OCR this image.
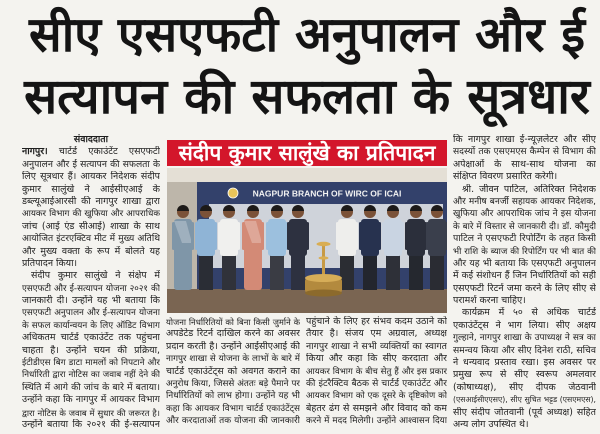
सीए एसएफटी अनुपालन और ई
सत्यापन की सफलता के सूत्रधार
संवाददाता
नागपुर। चार्टर्ड एकाउंटेंट एसएफटी
अनुपालन और ई सत्यापन की सफलता के
लिए सूत्रधार हैं। आयकर निदेशक संदीप
कुमार सालुंखे ने आईसीएआई के
डब्ल्यूआईआरसी की नागपुर शाखा द्वारा
आयकर विभाग की खुफिया और आपराधिक
जांच (आई एंड सीआई) शाखा के साथ
आयोजित इंटरएक्टिव मीट में मुख्य अतिथि
और मुख्य वक्ता के रूप में बोलते यह
प्रतिपादन किया।
संदीप कुमार सालुंखे ने संक्षेप में
एसएफटी और ई-सत्यापन योजना २०२१ की
जानकारी दी। उन्होंने यह भी बताया कि
एसएफटी अनुपालन और ई-सत्यापन योजना
के सफल कार्यान्वयन के लिए ऑडिट विभाग
अधिकतम चार्टर्ड एकाउंटेंट तक पहुंचना
चाहता है। उन्होंने चयन की प्रक्रिया,
ईटीडीएस बिग डाटा मामलों को निपटाने और
निर्धारिती द्वारा नोटिस का जवाब नहीं देने की
स्थिति में आगे की जांच के बारे में बताया।
उन्होंने कहा कि नागपुर में आयकर विभाग
द्वारा नोटिस के जवाब में सुधार की जरूरत है।
उन्होंने बताया कि २०२१ की ई-सत्यापन
संदीप कुमार सालुंखे का प्रतिपादन
NAGPUR BRANCH OF WIRC OF ICAI
योजना निर्धारितियों को बिना किसी जुर्माने के
अपडेटेड रिटर्न दाखिल करने का अवसर
प्रदान करती है। उन्होंने आईसीएआई की
नागपुर शाखा से योजना के लाभों के बारे में
चार्टर्ड एकाउंटेंट्स को अवगत कराने का
अनुरोध किया, जिससे अंततः बड़े पैमाने पर
निर्धारितियों को लाभ होगा। उन्होंने यह भी
कहा कि आयकर विभाग चार्टर्ड एकाउंटेंट्स
और करदाताओं तक योजना की जानकारी
पहुंचाने के लिए हर संभव कदम उठाने को
तैयार है। संजय एम अग्रवाल, अध्यक्ष
नागपुर शाखा ने सभी व्यक्तियों का स्वागत
किया और कहा कि सीए करदाता और
आयकर विभाग के बीच सेतु हैं और इस प्रकार
की इंटरैक्टिव बैठक से चार्टर्ड एकाउंटेंट और
आयकर विभाग को एक दूसरे के दृष्टिकोण को
बेहतर ढंग से समझने और विवाद को कम
करने में मदद मिलेगी। उन्होंने आश्वासन दिया
कि नागपुर शाखा ई-न्यूज़लेटर और सीए
सदस्यों तक एसएमएस कैम्पेन से विभाग की
अपेक्षाओं के साथ-साथ योजना का
संक्षिप्त विवरण प्रसारित करेगी।
श्री. जीवन पाटिल, अतिरिक्त निदेशक
और मनीष बनर्जी सहायक आयकर निदेशक,
खुफिया और आपराधिक जांच ने इस योजना
के बारे में विस्तार से जानकारी दी। डॉ. कौमुदी
पाटिल ने एसएफटी रिपोर्टिंग के तहत किसी
भी राशि के ब्याज की रिपोर्टिंग पर भी बात की
और यह भी बताया कि एसएफटी अनुपालन
में कई संशोधन हैं जिन निर्धारितियों को सही
एसएफटी रिटर्न जमा करने के लिए सीए से
परामर्श करना चाहिए।
कार्यक्रम में ५० से अधिक चार्टर्ड
एकाउंटेंट्स ने भाग लिया। सीए अक्षय
गुल्हाने, नागपुर शाखा के उपाध्यक्ष ने सत्र का
समन्वय किया और सीए दिनेश राठी, सचिव
ने धन्यवाद प्रस्ताव रखा। इस अवसर पर
प्रमुख रूप से सीए स्वरूप अमलवार
(कोषाध्यक्ष), सीए दीपक जेठवानी
(एसआईसीएएसए), सीए सुचित भट्टड (एसएमएस),
सीए संदीप जोतवानी (पूर्व अध्यक्ष) सहित
अन्य लोग उपस्थित थे।
